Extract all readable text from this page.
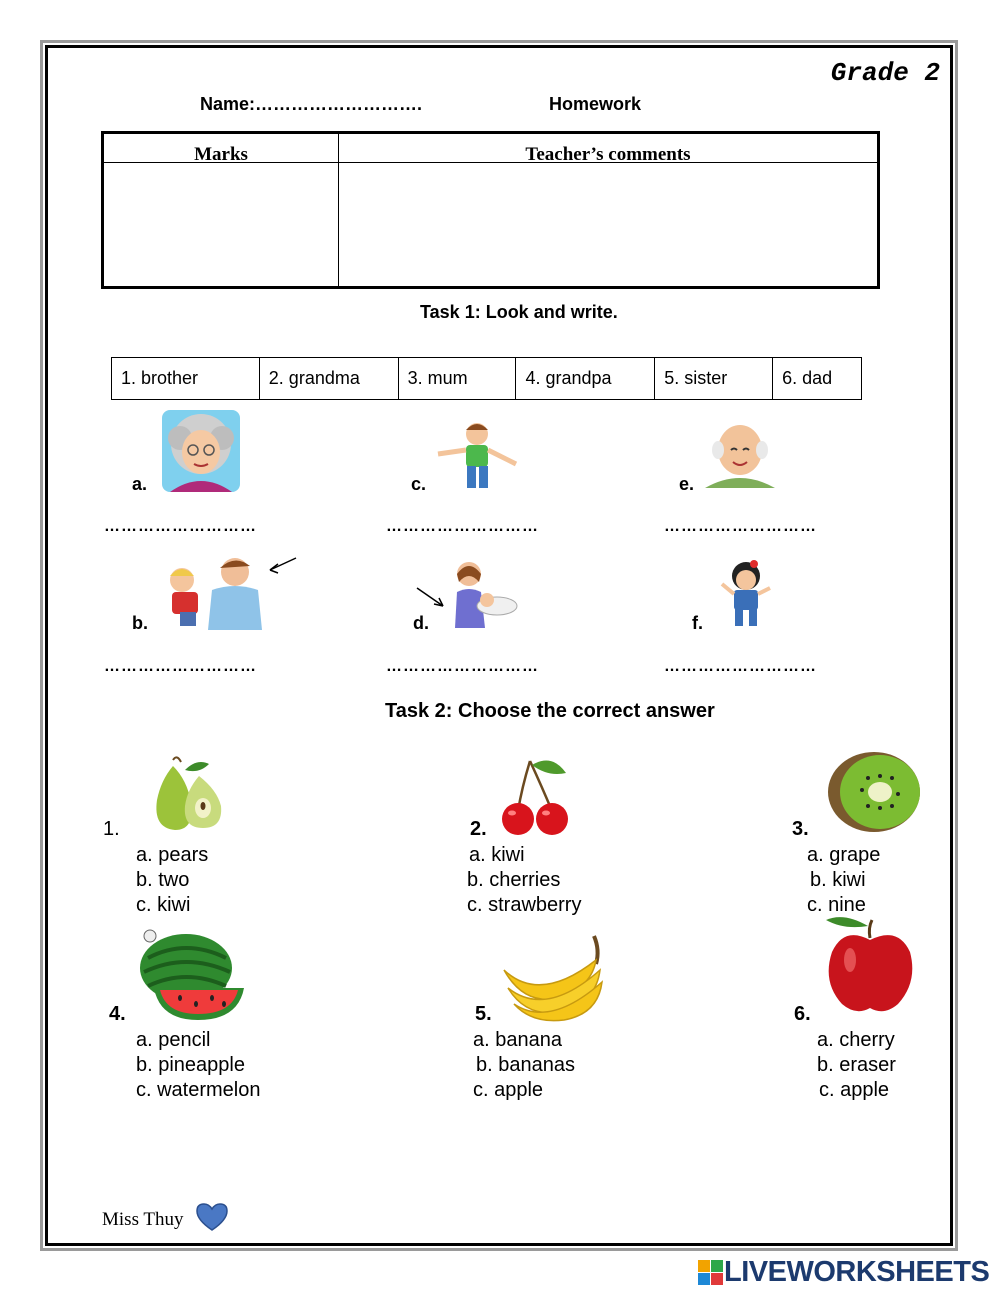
Grade 2
Name:……………………….	Homework
Marks	Teacher’s comments
Task 1: Look and write.
1. brother	2. grandma	3. mum	4. grandpa	5. sister	6. dad
a.	c.	e.
………………………	………………………	………………………
b.	d.	f.
………………………	………………………	………………………
Task 2: Choose the correct answer
1.	2.	3.
a. pears
b. two
c. kiwi
a. kiwi
b. cherries
c. strawberry
a. grape
b. kiwi
c. nine
4.	5.	6.
a. pencil
b. pineapple
c. watermelon
a. banana
b. bananas
c. apple
a. cherry
b. eraser
c. apple
Miss Thuy
LIVEWORKSHEETS
